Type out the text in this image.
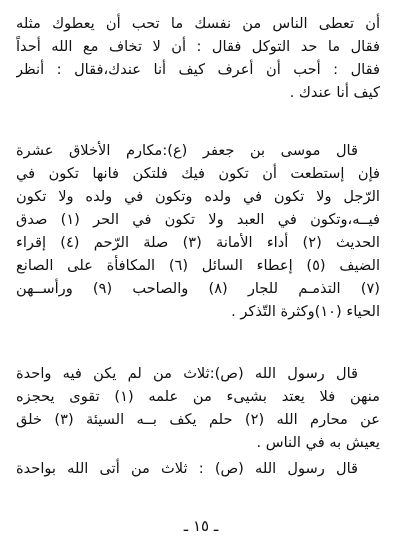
أن تعطى الناس من نفسك ما تحب أن يعطوك مثله
فقال ما حد التوكل فقال : أن لا تخاف مع الله أحداً
فقال : أحب أن أعرف كيف أنا عندك،فقال : أنظر
كيف أنا عندك .
قال موسى بن جعفر (ع):مكارم الأخلاق عشرة
فإن إستطعت أن تكون فيك فلتكن فانها تكون في
الرّجل ولا تكون في ولده وتكون في ولده ولا تكون
فيــه،وتكون في العبد ولا تكون في الحر (١) صدق
الحديث (٢) أداء الأمانة (٣) صلة الرّحم (٤) إقراء
الضيف (٥) إعطاء السائل (٦) المكافأة على الصانع
(٧) التذمـم للجار (٨) والصاحب (٩) ورأســهن
الحياء (١٠)وكثرة التّذكر .
قال رسول الله (ص):ثلاث من لم يكن فيه واحدة
منهن فلا يعتد بشيىء من علمه (١) تقوى يحجزه
عن محارم الله (٢) حلم يكف بــه السيئة (٣) خلق
يعيش به في الناس .
قال رسول الله (ص) : ثلاث من أتى الله بواحدة
ـ ١٥ ـ
